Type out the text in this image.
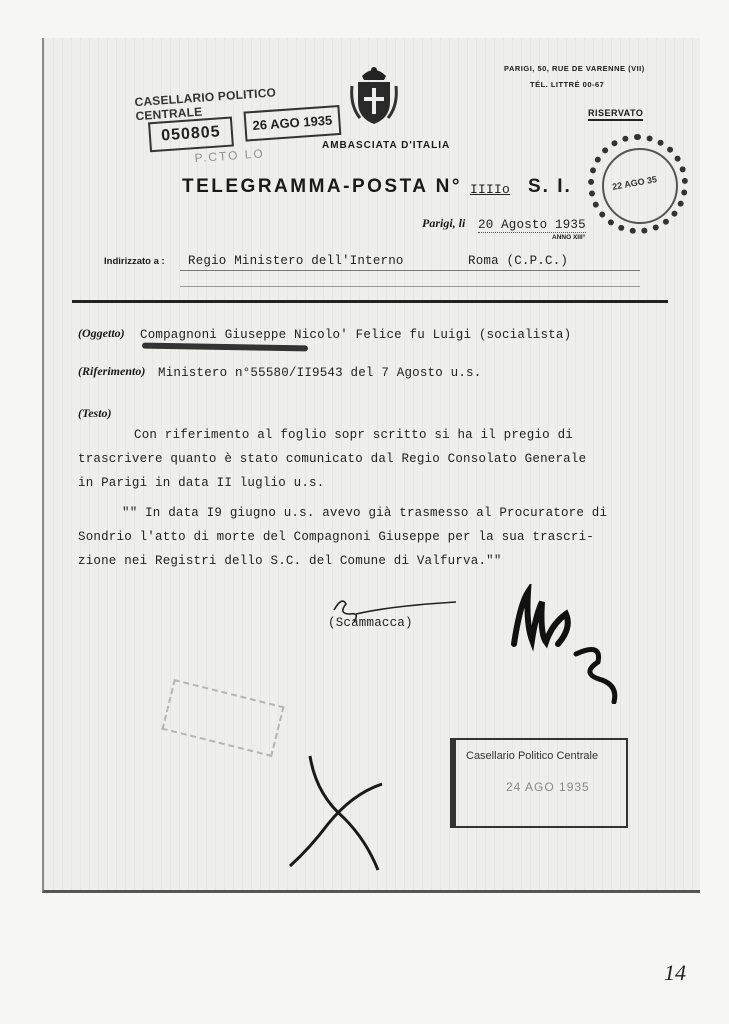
PARIGI, 50, RUE DE VARENNE (VII)
TÉL. LITTRÉ 00-67
RISERVATO
CASELLARIO POLITICO CENTRALE
050805
26 AGO 1935
P.CTO LO
AMBASCIATA D'ITALIA
22 AGO 35
TELEGRAMMA-POSTA N° IIIIo S. I.
Parigi, li 20 Agosto 1935
ANNO XIII°
Indirizzato a : Regio Ministero dell'Interno	Roma (C.P.C.)
(Oggetto) Compagnoni Giuseppe Nicolo' Felice fu Luigi (socialista)
(Riferimento) Ministero n°55580/II9543 del 7 Agosto u.s.
(Testo)
Con riferimento al foglio sopr scritto si ha il pregio di
trascrivere quanto è stato comunicato dal Regio Consolato Generale
in Parigi in data II luglio u.s.
"" In data I9 giugno u.s. avevo già trasmesso al Procuratore di
Sondrio l'atto di morte del Compagnoni Giuseppe per la sua trascri-
zione nei Registri dello S.C. del Comune di Valfurva.""
(Scammacca)
Casellario Politico Centrale
24 AGO 1935
14
